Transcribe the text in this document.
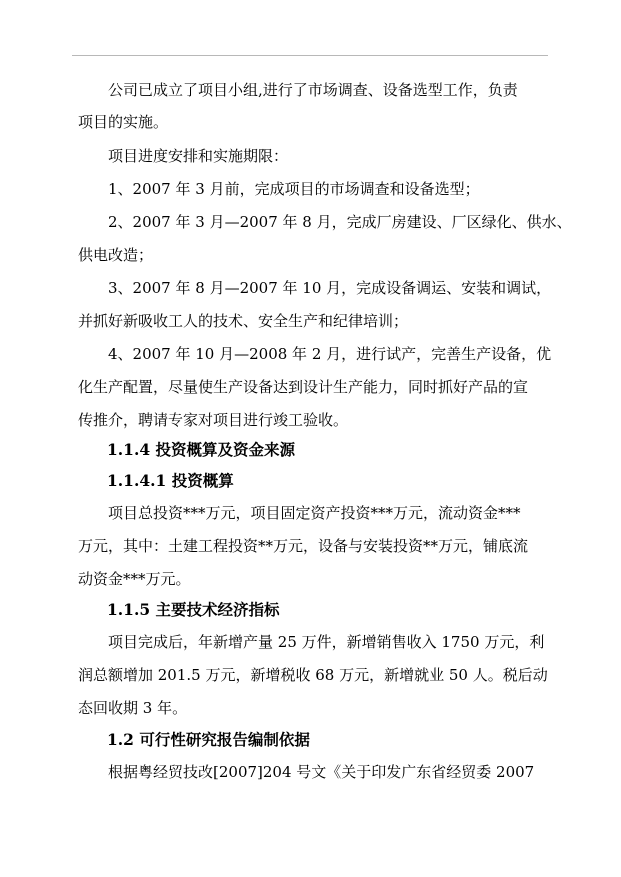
公司已成立了项目小组,进行了市场调查、设备选型工作，负责
项目的实施。
项目进度安排和实施期限：
1、2007 年 3 月前，完成项目的市场调查和设备选型；
2、2007 年 3 月—2007 年 8 月，完成厂房建设、厂区绿化、供水、
供电改造；
3、2007 年 8 月—2007 年 10 月，完成设备调运、安装和调试，
并抓好新吸收工人的技术、安全生产和纪律培训；
4、2007 年 10 月—2008 年 2 月，进行试产，完善生产设备，优
化生产配置，尽量使生产设备达到设计生产能力，同时抓好产品的宣
传推介，聘请专家对项目进行竣工验收。
1.1.4 投资概算及资金来源
1.1.4.1 投资概算
项目总投资***万元，项目固定资产投资***万元，流动资金***
万元，其中：土建工程投资**万元，设备与安装投资**万元，铺底流
动资金***万元。
1.1.5 主要技术经济指标
项目完成后，年新增产量 25 万件，新增销售收入 1750 万元，利
润总额增加 201.5 万元，新增税收 68 万元，新增就业 50 人。税后动
态回收期 3 年。
1.2 可行性研究报告编制依据
根据粤经贸技改[2007]204 号文《关于印发广东省经贸委 2007
